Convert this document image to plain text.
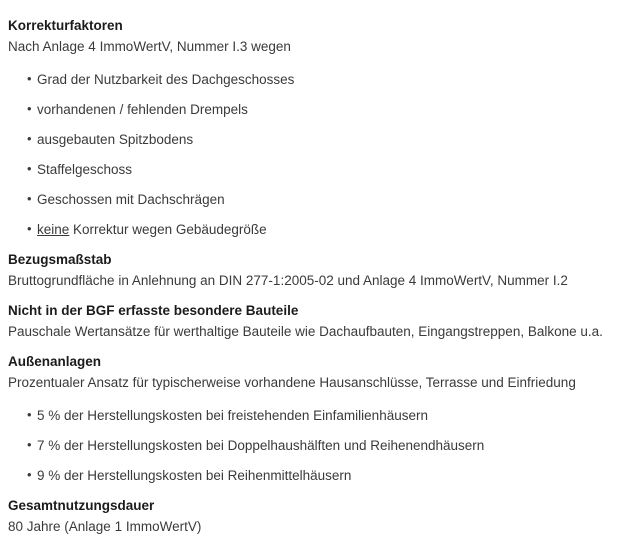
Korrekturfaktoren

Nach Anlage 4 ImmoWertV, Nummer I.3 wegen

• Grad der Nutzbarkeit des Dachgeschosses
• vorhandenen / fehlenden Drempels
• ausgebauten Spitzbodens
• Staffelgeschoss
• Geschossen mit Dachschrägen
• keine Korrektur wegen Gebäudegröße
Bezugsmaßstab

Bruttogrundfläche in Anlehnung an DIN 277-1:2005-02 und Anlage 4 ImmoWertV, Nummer I.2

Nicht in der BGF erfasste besondere Bauteile

Pauschale Wertansätze für werthaltige Bauteile wie Dachaufbauten, Eingangstreppen, Balkone u.a.

Außenanlagen

Prozentualer Ansatz für typischerweise vorhandene Hausanschlüsse, Terrasse und Einfriedung

• 5 % der Herstellungskosten bei freistehenden Einfamilienhäusern
• 7 % der Herstellungskosten bei Doppelhaushälften und Reihenendhäusern
• 9 % der Herstellungskosten bei Reihenmittelhäusern
Gesamtnutzungsdauer

80 Jahre (Anlage 1 ImmoWertV)
